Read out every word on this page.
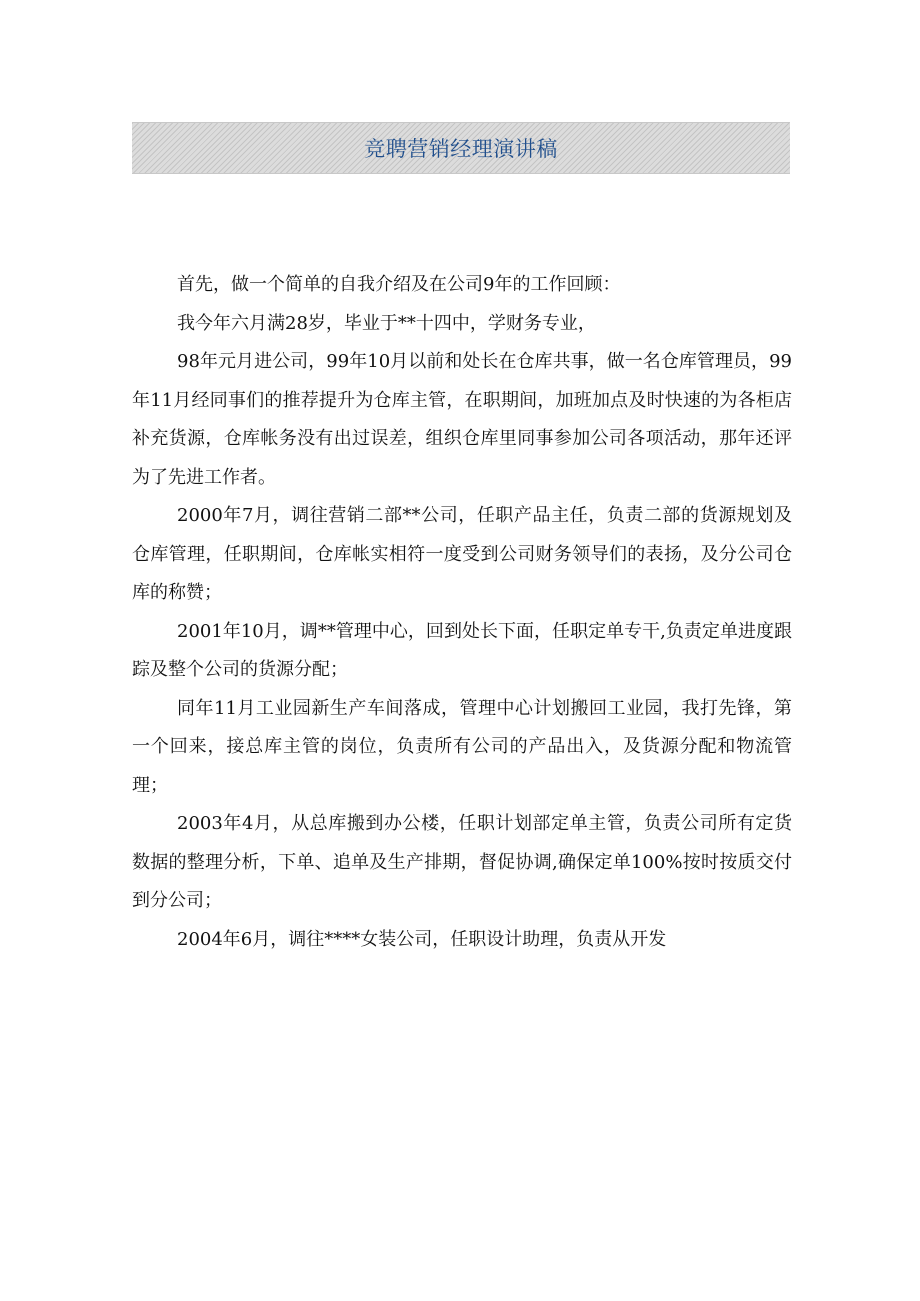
竞聘营销经理演讲稿

首先，做一个简单的自我介绍及在公司9年的工作回顾：

我今年六月满28岁，毕业于**十四中，学财务专业，

98年元月进公司，99年10月以前和处长在仓库共事，做一名仓库管理员，99年11月经同事们的推荐提升为仓库主管，在职期间，加班加点及时快速的为各柜店补充货源，仓库帐务没有出过误差，组织仓库里同事参加公司各项活动，那年还评为了先进工作者。

2000年7月，调往营销二部**公司，任职产品主任，负责二部的货源规划及仓库管理，任职期间，仓库帐实相符一度受到公司财务领导们的表扬，及分公司仓库的称赞；

2001年10月，调**管理中心，回到处长下面，任职定单专干,负责定单进度跟踪及整个公司的货源分配；

同年11月工业园新生产车间落成，管理中心计划搬回工业园，我打先锋，第一个回来，接总库主管的岗位，负责所有公司的产品出入，及货源分配和物流管理；

2003年4月，从总库搬到办公楼，任职计划部定单主管，负责公司所有定货数据的整理分析，下单、追单及生产排期，督促协调,确保定单100%按时按质交付到分公司；

2004年6月，调往****女装公司，任职设计助理，负责从开发
